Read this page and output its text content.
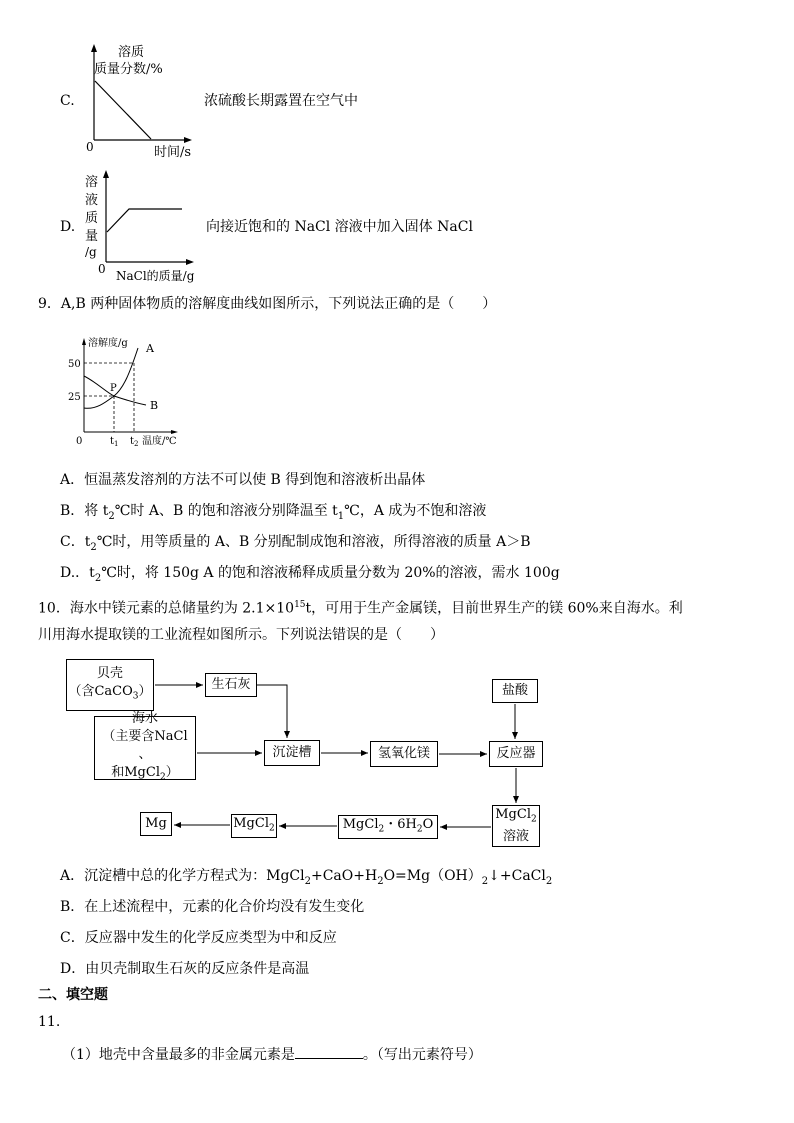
C.
溶质
质量分数/%
0	时间/s
浓硫酸长期露置在空气中
D.
溶
液
质
量
/g
0 NaCl的质量/g
向接近饱和的 NaCl 溶液中加入固体 NaCl
9．A,B 两种固体物质的溶解度曲线如图所示，下列说法正确的是（　　）
溶解度/g A
B
P
50
25
0	$t_1$ $t_2$ 温度/℃
A．恒温蒸发溶剂的方法不可以使 B 得到饱和溶液析出晶体
B．将 $t_2℃$时 A、B 的饱和溶液分别降温至 $t_1℃$，A 成为不饱和溶液
C．$t_2℃$时，用等质量的 A、B 分别配制成饱和溶液，所得溶液的质量 A＞B
D.．$t_2℃$时，将 150g A 的饱和溶液稀释成质量分数为 20%的溶液，需水 100g
10．海水中镁元素的总储量约为 $2.1\times 10^{15}t$，可用于生产金属镁，目前世界生产的镁 60%来自海水。利
川用海水提取镁的工业流程如图所示。下列说法错误的是（　　）
贝壳
（含CaCO$_3$）	生石灰	盐酸
海水
（主要含NaCl 、
和MgCl$_2$）
沉淀槽	氢氧化镁	反应器
MgCl$_2$
溶液
MgCl$_2$・$6H_2O$
MgCl$_2$
Mg
A．沉淀槽中总的化学方程式为：$MgCl_2+CaO+H_2O=Mg(OH)_2↓+CaCl_2$
B．在上述流程中，元素的化合价均没有发生变化
C．反应器中发生的化学反应类型为中和反应
D．由贝壳制取生石灰的反应条件是高温
二、填空题
11.
（1）地壳中含量最多的非金属元素是	。（写出元素符号）
